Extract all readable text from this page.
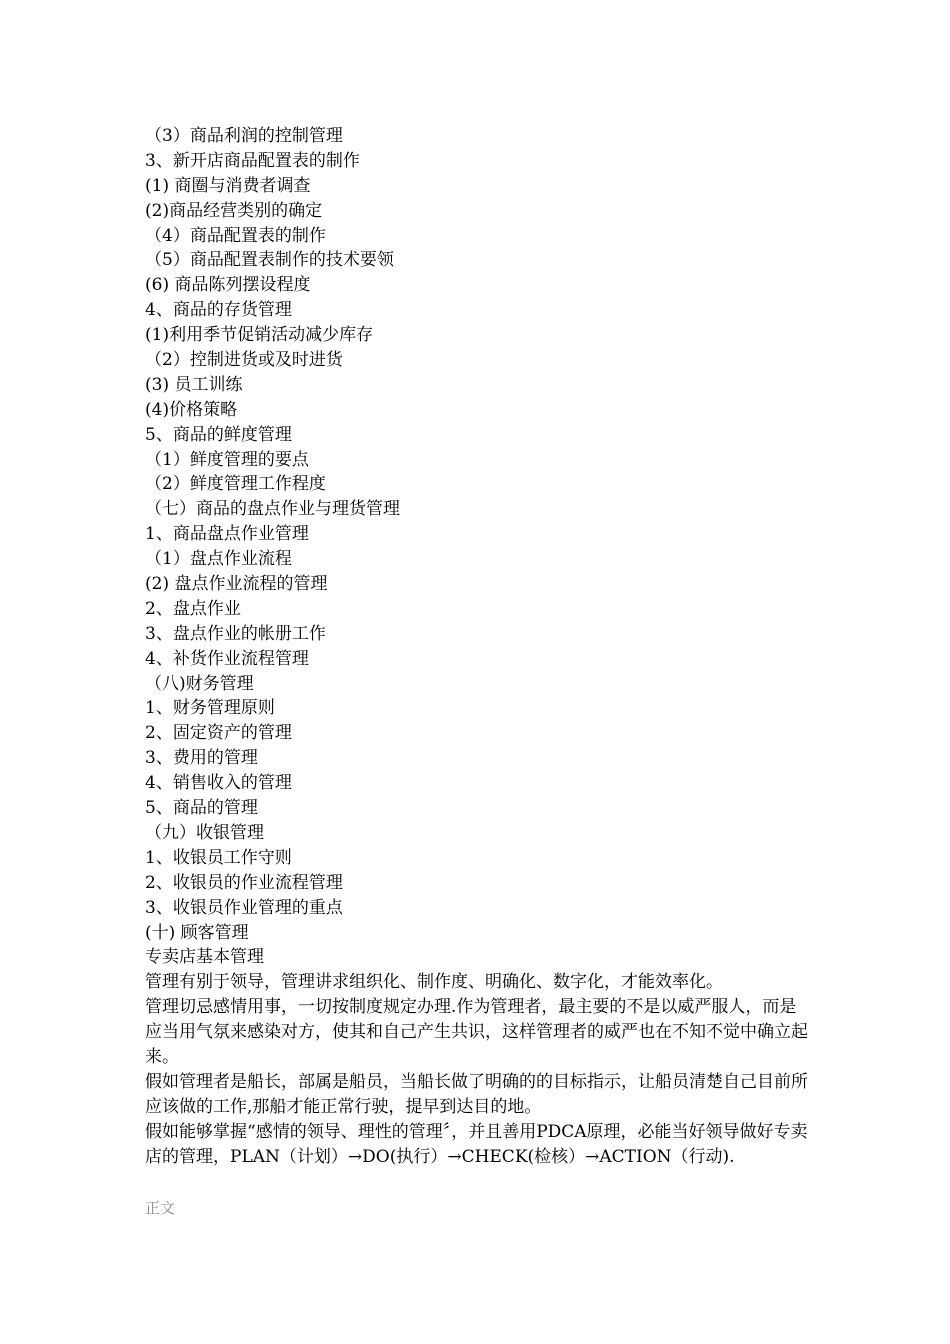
（3）商品利润的控制管理
3、新开店商品配置表的制作
(1) 商圈与消费者调查
(2)商品经营类别的确定
（4）商品配置表的制作
（5）商品配置表制作的技术要领
(6) 商品陈列摆设程度
4、商品的存货管理
(1)利用季节促销活动减少库存
（2）控制进货或及时进货
(3) 员工训练
(4)价格策略
5、商品的鲜度管理
（1）鲜度管理的要点
（2）鲜度管理工作程度
（七）商品的盘点作业与理货管理
1、商品盘点作业管理
（1）盘点作业流程
(2) 盘点作业流程的管理
2、盘点作业
3、盘点作业的帐册工作
4、补货作业流程管理
（八)财务管理
1、财务管理原则
2、固定资产的管理
3、费用的管理
4、销售收入的管理
5、商品的管理
（九）收银管理
1、收银员工作守则
2、收银员的作业流程管理
3、收银员作业管理的重点
(十) 顾客管理
专卖店基本管理
管理有别于领导，管理讲求组织化、制作度、明确化、数字化，才能效率化。
管理切忌感情用事，一切按制度规定办理.作为管理者，最主要的不是以威严服人，而是应当用气氛来感染对方，使其和自己产生共识，这样管理者的威严也在不知不觉中确立起来。
假如管理者是船长，部属是船员，当船长做了明确的的目标指示，让船员清楚自己目前所应该做的工作,那船才能正常行驶，提早到达目的地。
假如能够掌握“感情的领导、理性的管理〞，并且善用PDCA原理，必能当好领导做好专卖店的管理，PLAN（计划）→DO(执行）→CHECK(检核）→ACTION（行动).
正文
